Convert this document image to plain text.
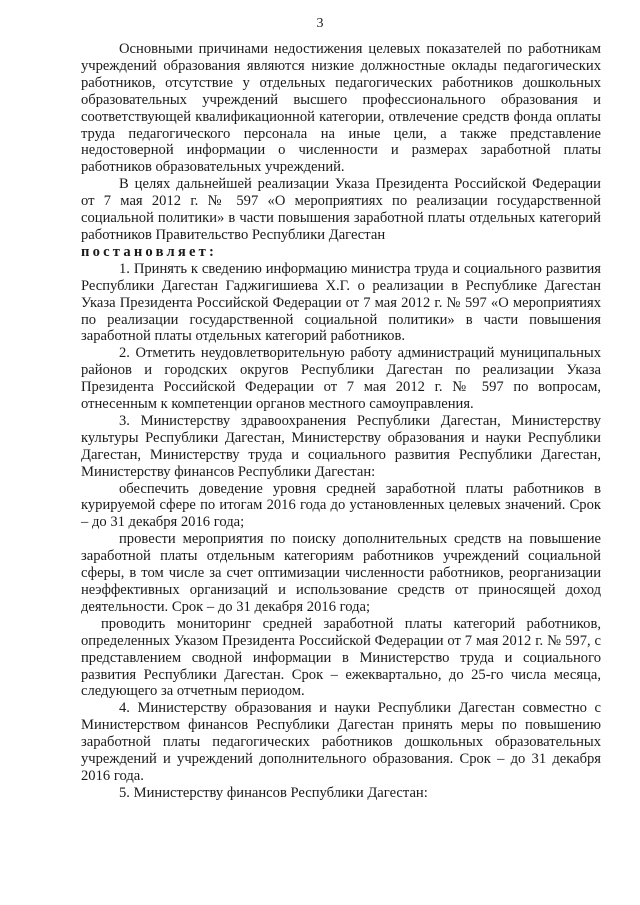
3

Основными причинами недостижения целевых показателей по работникам учреждений образования являются низкие должностные оклады педагогических работников, отсутствие у отдельных педагогических работников дошкольных образовательных учреждений высшего профессионального образования и соответствующей квалификационной категории, отвлечение средств фонда оплаты труда педагогического персонала на иные цели, а также представление недостоверной информации о численности и размерах заработной платы работников образовательных учреждений.

В целях дальнейшей реализации Указа Президента Российской Федерации от 7 мая 2012 г. № 597 «О мероприятиях по реализации государственной социальной политики» в части повышения заработной платы отдельных категорий работников Правительство Республики Дагестан

постановляет:

1. Принять к сведению информацию министра труда и социального развития Республики Дагестан Гаджигишиева Х.Г. о реализации в Республике Дагестан Указа Президента Российской Федерации от 7 мая 2012 г. № 597 «О мероприятиях по реализации государственной социальной политики» в части повышения заработной платы отдельных категорий работников.

2. Отметить неудовлетворительную работу администраций муниципальных районов и городских округов Республики Дагестан по реализации Указа Президента Российской Федерации от 7 мая 2012 г. № 597 по вопросам, отнесенным к компетенции органов местного самоуправления.

3. Министерству здравоохранения Республики Дагестан, Министерству культуры Республики Дагестан, Министерству образования и науки Республики Дагестан, Министерству труда и социального развития Республики Дагестан, Министерству финансов Республики Дагестан:

обеспечить доведение уровня средней заработной платы работников в курируемой сфере по итогам 2016 года до установленных целевых значений. Срок – до 31 декабря 2016 года;

провести мероприятия по поиску дополнительных средств на повышение заработной платы отдельным категориям работников учреждений социальной сферы, в том числе за счет оптимизации численности работников, реорганизации неэффективных организаций и использование средств от приносящей доход деятельности. Срок – до 31 декабря 2016 года;

проводить мониторинг средней заработной платы категорий работников, определенных Указом Президента Российской Федерации от 7 мая 2012 г. № 597, с представлением сводной информации в Министерство труда и социального развития Республики Дагестан. Срок – ежеквартально, до 25-го числа месяца, следующего за отчетным периодом.

4. Министерству образования и науки Республики Дагестан совместно с Министерством финансов Республики Дагестан принять меры по повышению заработной платы педагогических работников дошкольных образовательных учреждений и учреждений дополнительного образования. Срок – до 31 декабря 2016 года.

5. Министерству финансов Республики Дагестан:
